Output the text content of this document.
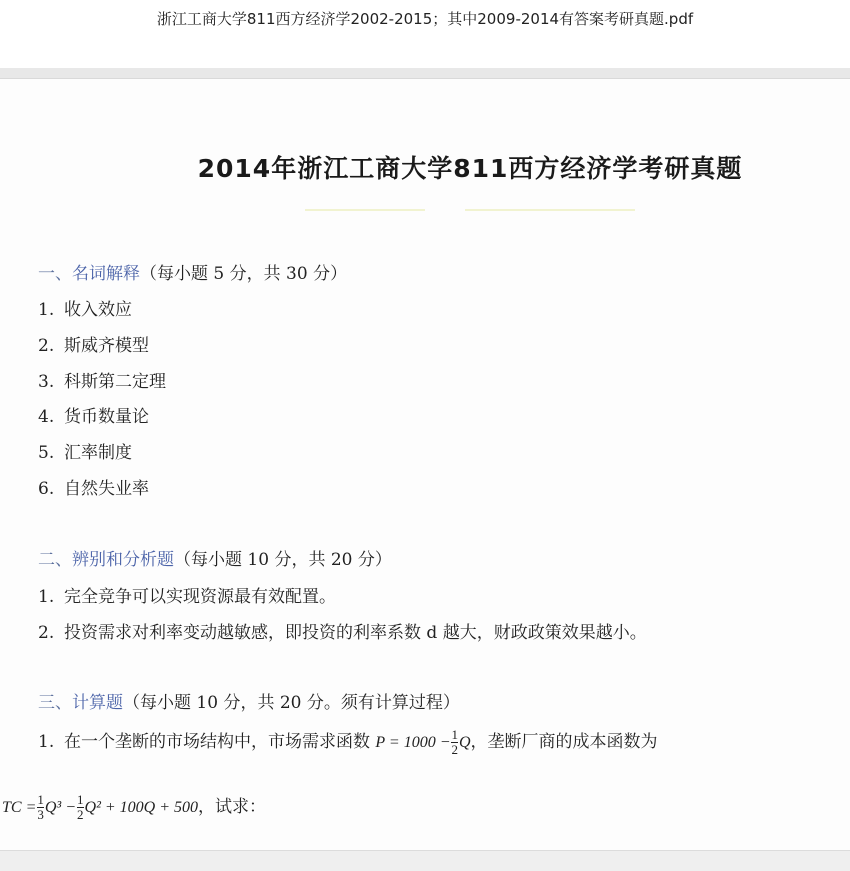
浙江工商大学811西方经济学2002-2015；其中2009-2014有答案考研真题.pdf
2014年浙江工商大学811西方经济学考研真题
一、名词解释（每小题 5 分，共 30 分）
1. 收入效应
2. 斯威齐模型
3. 科斯第二定理
4. 货币数量论
5. 汇率制度
6. 自然失业率
二、辨别和分析题（每小题 10 分，共 20 分）
1. 完全竞争可以实现资源最有效配置。
2. 投资需求对利率变动越敏感，即投资的利率系数 d 越大，财政政策效果越小。
三、计算题（每小题 10 分，共 20 分。须有计算过程）
1. 在一个垄断的市场结构中，市场需求函数 $P = 1000 - \frac{1}{2}$ Q ，垄断厂商的成本函数为
TC = $\frac{1}{3} Q^3 - \frac{1}{2} Q^2 + 100Q + 500$ ，试求：
